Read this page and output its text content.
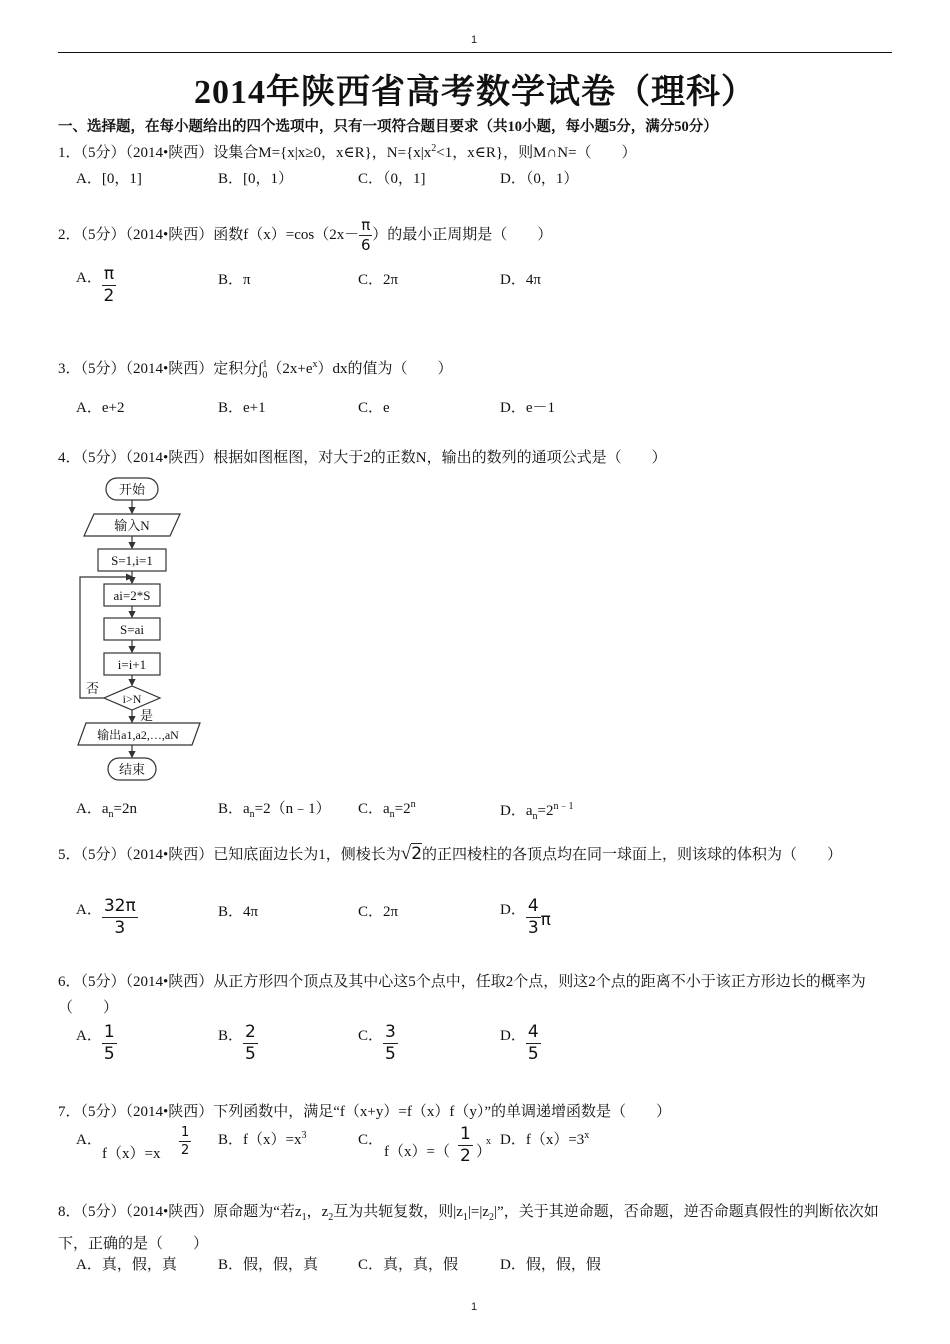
1
2014年陕西省高考数学试卷（理科）
一、选择题，在每小题给出的四个选项中，只有一项符合题目要求（共10小题，每小题5分，满分50分）
1．（5分）（2014•陕西）设集合M={x|x≥0，x∈R}，$N=\{x|x^2<1$，x∈R}，则M∩N=（　　）
A．[0，1]	B．[0，1）	C．（0，1]	D．（0，1）
2．（5分）（2014•陕西）函数$f(x)=\cos(2x- \frac{\pi}{6}$ ）的最小正周期是（　　）
A． $\frac{\pi}{2}$	B．π	C．2π	D．4π
3．（5分）（2014•陕西）定积分∫ 1
0 $(2x+e^x)dx$的值为（　　）
A．e+2	B．e+1	C．e	D．e－1
4．（5分）（2014•陕西）根据如图框图，对大于2的正数N，输出的数列的通项公式是（　　）
开始
输入N
S=1,i=1
ai=2*S
S=ai
i=i+1
i>N
否
是
输出a1,a2,…,aN
结束
A．$a_n=2n$	B．$a_n=2(n﹣1)$ C．$a_n=2^n$	D．$a_n=2^{n﹣1}$
5．（5分）（2014•陕西）已知底面边长为1，侧棱长为√2的正四棱柱的各顶点均在同一球面上，则该球的体积为（　　）
A． $\frac{32\pi}{3}$	B．4π	C．2π	D． $\frac{4}{3}$ π
6．（5分）（2014•陕西）从正方形四个顶点及其中心这5个点中，任取2个点，则这2个点的距离不小于该正方形边长的概率为（　　）
A． $\frac{1}{5}$	B． $\frac{2}{5}$	C． $\frac{3}{5}$	D． $\frac{4}{5}$
7．（5分）（2014•陕西）下列函数中，满足“f（x+y）=f（x）f（y）”的单调递增函数是（　　）
A．
$f(x)=x \frac{1}{2}$ B．$f(x)=x^3$	C．
$f(x)=( \frac{1}{2}$ ）
x D．$f(x)=3^x$
8．（5分）（2014•陕西）原命题为“若$z_1$，$z_2$互为共轭复数，则$|z_1|=|z_2|$”，关于其逆命题，否命题，逆否命题真假性的判断依次如下，正确的是（　　）
A．真，假，真	B．假，假，真	C．真，真，假	D．假，假，假
1
